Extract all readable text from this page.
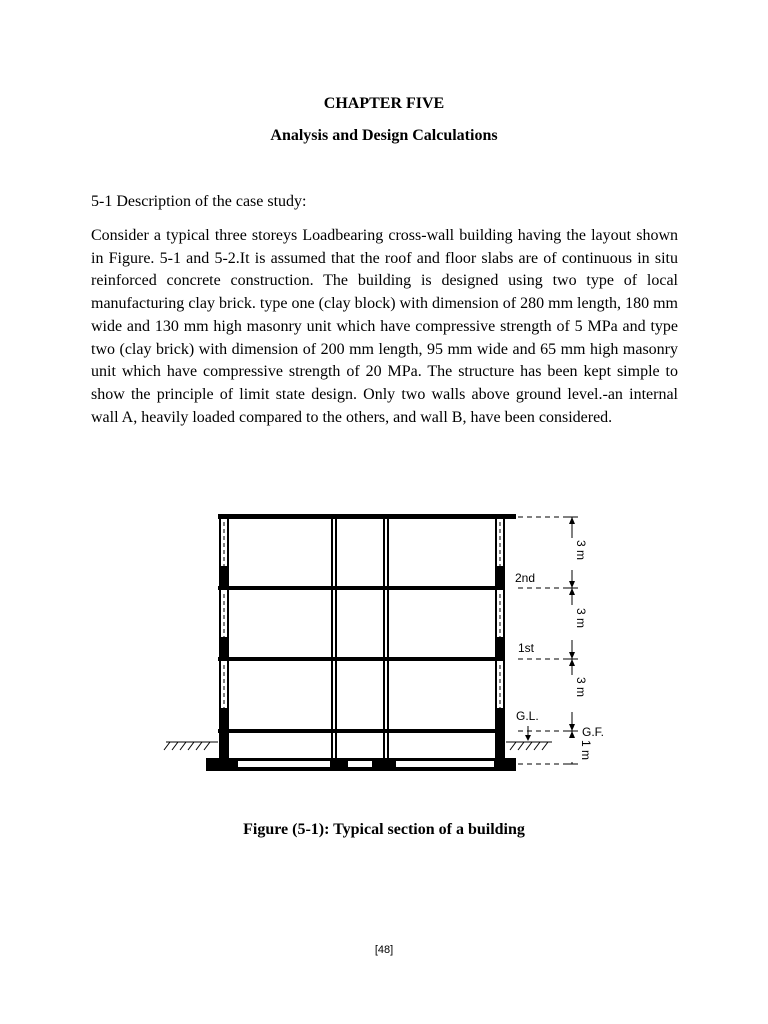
CHAPTER FIVE
Analysis and Design Calculations
5-1 Description of the case study:

Consider a typical three storeys Loadbearing cross-wall building having the layout shown in Figure. 5-1 and 5-2.It is assumed that the roof and floor slabs are of continuous in situ reinforced concrete construction. The building is designed using two type of local manufacturing clay brick. type one (clay block) with dimension of 280 mm length, 180 mm wide and 130 mm high masonry unit which have compressive strength of 5 MPa and type two (clay brick) with dimension of 200 mm length, 95 mm wide and 65 mm high masonry unit which have compressive strength of 20 MPa. The structure has been kept simple to show the principle of limit state design. Only two walls above ground level.-an internal wall A, heavily loaded compared to the others, and wall B, have been considered.

2nd
1st
G.L.
G.F.
3 m
3 m
3 m
1 m
Figure (5-1): Typical section of a building
[48]
